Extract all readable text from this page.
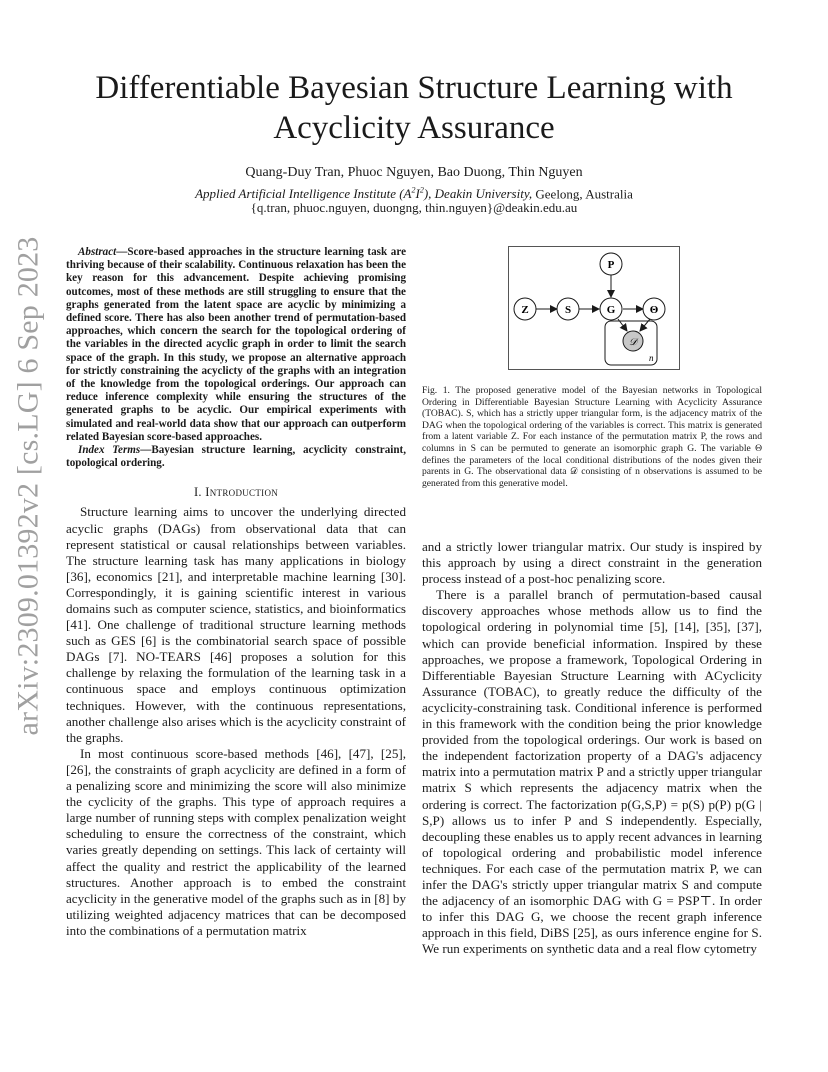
arXiv:2309.01392v2 [cs.LG] 6 Sep 2023
Differentiable Bayesian Structure Learning with
Acyclicity Assurance
Quang-Duy Tran, Phuoc Nguyen, Bao Duong, Thin Nguyen
Applied Artificial Intelligence Institute $(A^2I^2)$, Deakin University, Geelong, Australia
{q.tran, phuoc.nguyen, duongng, thin.nguyen}@deakin.edu.au

Abstract—Score-based approaches in the structure learning task are thriving because of their scalability. Continuous relaxation has been the key reason for this advancement. Despite achieving promising outcomes, most of these methods are still struggling to ensure that the graphs generated from the latent space are acyclic by minimizing a defined score. There has also been another trend of permutation-based approaches, which concern the search for the topological ordering of the variables in the directed acyclic graph in order to limit the search space of the graph. In this study, we propose an alternative approach for strictly constraining the acyclicty of the graphs with an integration of the knowledge from the topological orderings. Our approach can reduce inference complexity while ensuring the structures of the generated graphs to be acyclic. Our empirical experiments with simulated and real-world data show that our approach can outperform related Bayesian score-based approaches.

Index Terms—Bayesian structure learning, acyclicity constraint, topological ordering.

I. Introduction

Structure learning aims to uncover the underlying directed acyclic graphs (DAGs) from observational data that can represent statistical or causal relationships between variables. The structure learning task has many applications in biology [36], economics [21], and interpretable machine learning [30]. Correspondingly, it is gaining scientific interest in various domains such as computer science, statistics, and bioinformatics [41]. One challenge of traditional structure learning methods such as GES [6] is the combinatorial search space of possible DAGs [7]. NO-TEARS [46] proposes a solution for this challenge by relaxing the formulation of the learning task in a continuous space and employs continuous optimization techniques. However, with the continuous representations, another challenge also arises which is the acyclicity constraint of the graphs.

In most continuous score-based methods [46], [47], [25], [26], the constraints of graph acyclicity are defined in a form of a penalizing score and minimizing the score will also minimize the cyclicity of the graphs. This type of approach requires a large number of running steps with complex penalization weight scheduling to ensure the correctness of the constraint, which varies greatly depending on settings. This lack of certainty will affect the quality and restrict the applicability of the learned structures. Another approach is to embed the constraint acyclicity in the generative model of the graphs such as in [8] by utilizing weighted adjacency matrices that can be decomposed into the combinations of a permutation matrix

n
P
Z	S	G	Θ
𝒟

Fig. 1. The proposed generative model of the Bayesian networks in Topological Ordering in Differentiable Bayesian Structure Learning with Acyclicity Assurance (TOBAC). S, which has a strictly upper triangular form, is the adjacency matrix of the DAG when the topological ordering of the variables is correct. This matrix is generated from a latent variable Z. For each instance of the permutation matrix P, the rows and columns in S can be permuted to generate an isomorphic graph G. The variable Θ defines the parameters of the local conditional distributions of the nodes given their parents in G. The observational data 𝒟 consisting of n observations is assumed to be generated from this generative model.

and a strictly lower triangular matrix. Our study is inspired by this approach by using a direct constraint in the generation process instead of a post-hoc penalizing score.

There is a parallel branch of permutation-based causal discovery approaches whose methods allow us to find the topological ordering in polynomial time [5], [14], [35], [37], which can provide beneficial information. Inspired by these approaches, we propose a framework, Topological Ordering in Differentiable Bayesian Structure Learning with ACyclicity Assurance (TOBAC), to greatly reduce the difficulty of the acyclicity-constraining task. Conditional inference is performed in this framework with the condition being the prior knowledge provided from the topological orderings. Our work is based on the independent factorization property of a DAG's adjacency matrix into a permutation matrix P and a strictly upper triangular matrix S which represents the adjacency matrix when the ordering is correct. The factorization p(G,S,P) = p(S) p(P) p(G | S,P) allows us to infer P and S independently. Especially, decoupling these enables us to apply recent advances in learning of topological ordering and probabilistic model inference techniques. For each case of the permutation matrix P, we can infer the DAG's strictly upper triangular matrix S and compute the adjacency of an isomorphic DAG with G = PSP⊤. In order to infer this DAG G, we choose the recent graph inference approach in this field, DiBS [25], as ours inference engine for S. We run experiments on synthetic data and a real flow cytometry
